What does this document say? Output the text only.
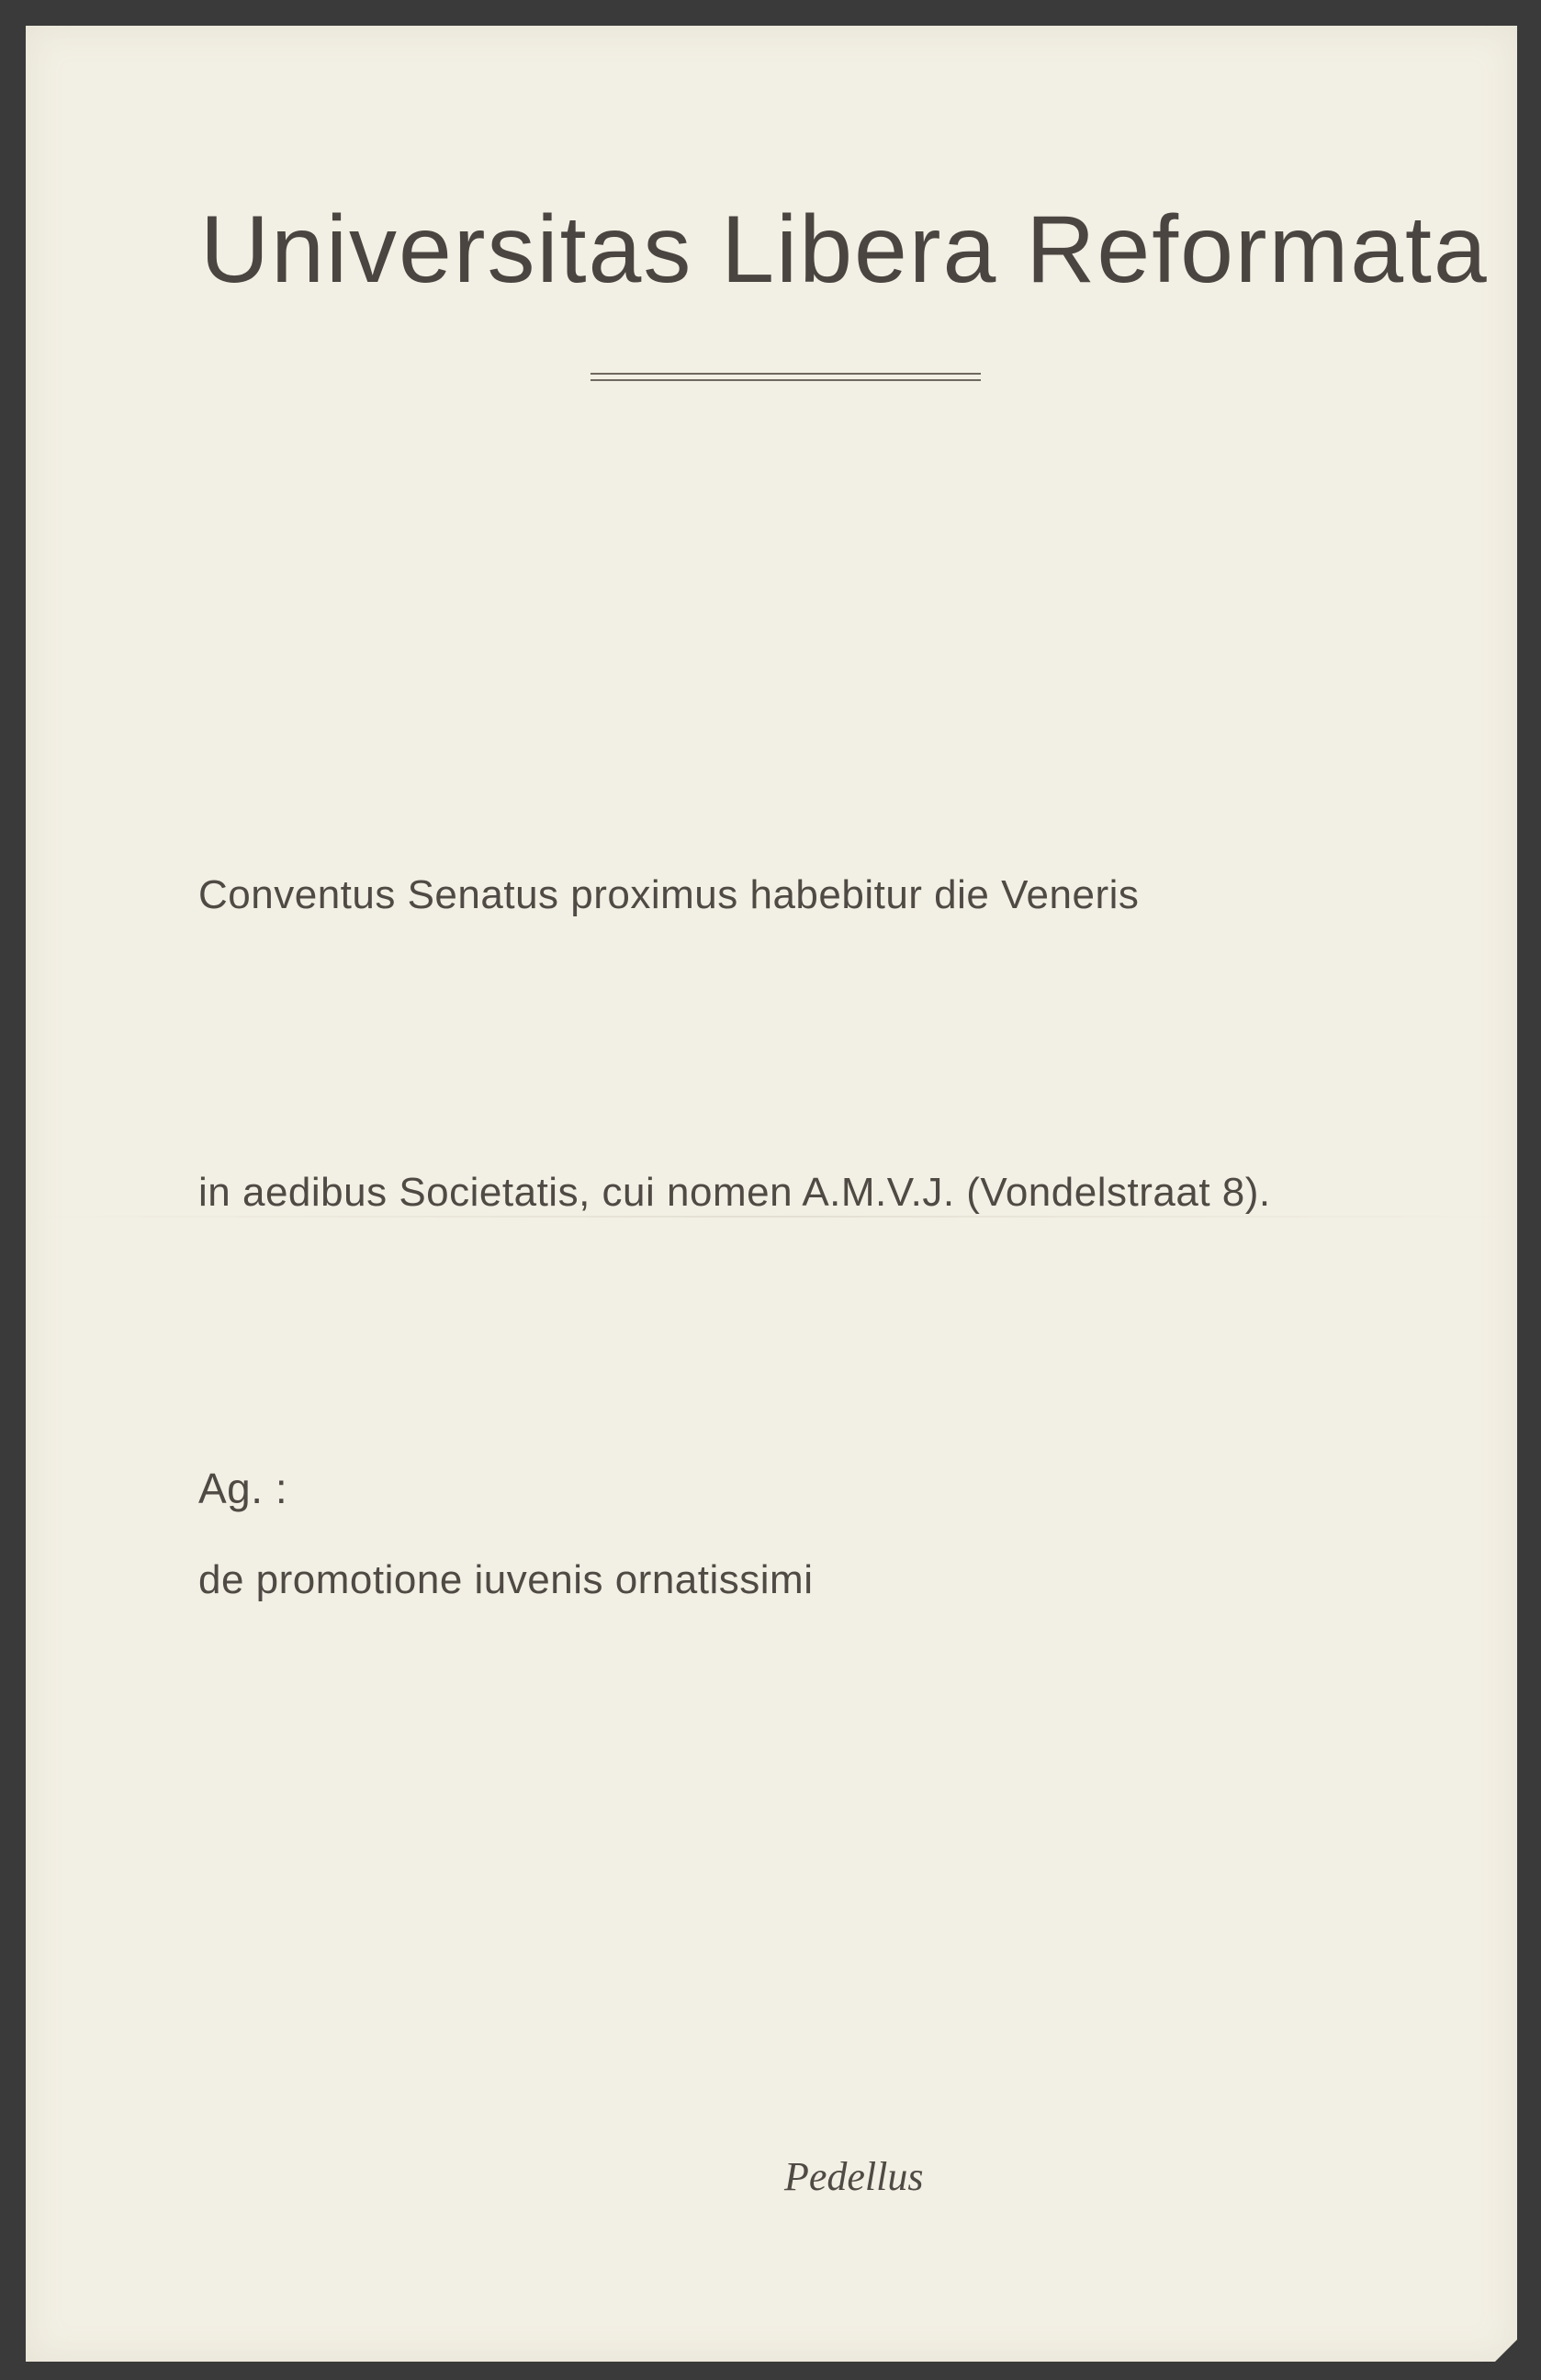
Universitas Libera Reformata

Conventus Senatus proximus habebitur die Veneris

in aedibus Societatis, cui nomen A.M.V.J. (Vondelstraat 8).

Ag. :

de promotione iuvenis ornatissimi

Pedellus
